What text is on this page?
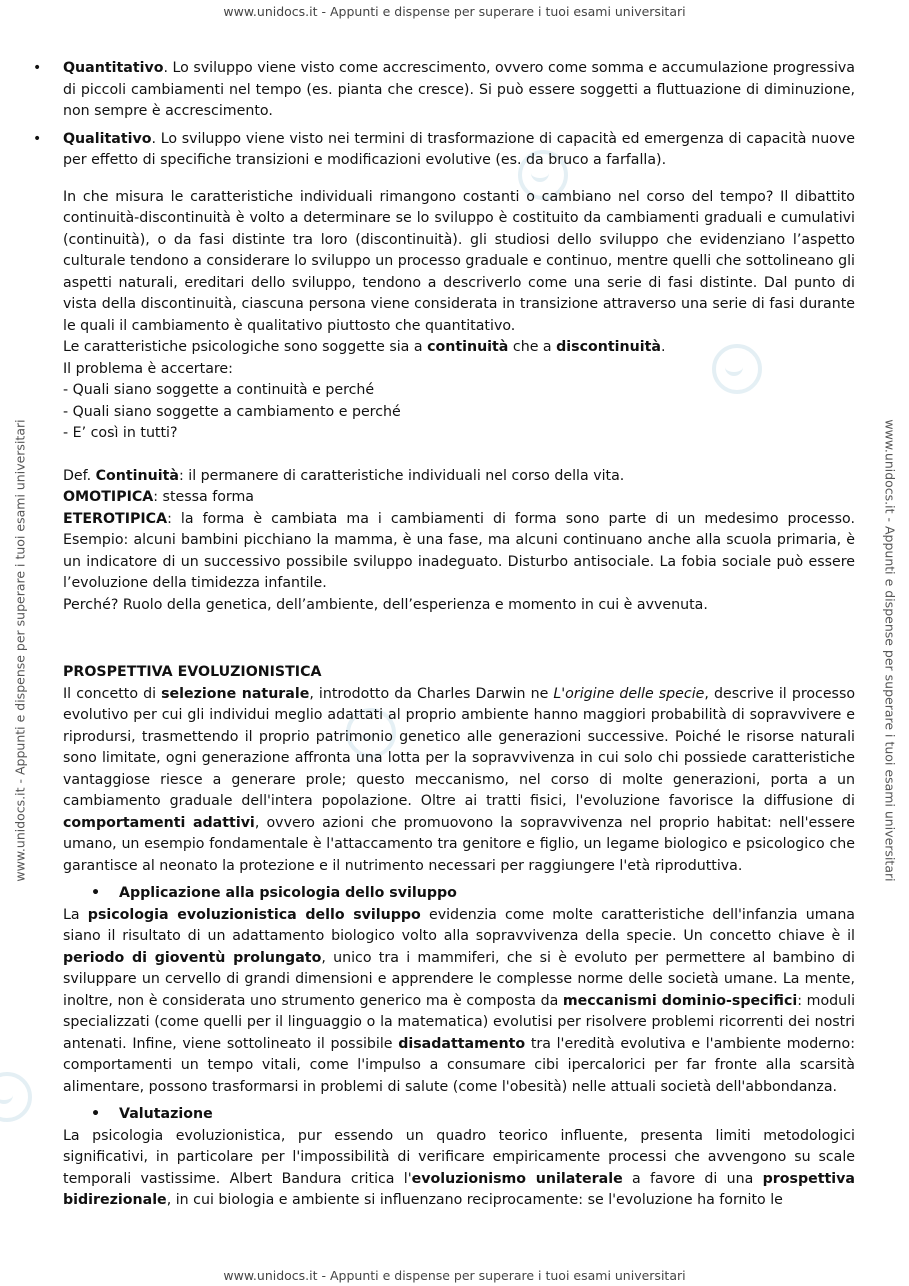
www.unidocs.it - Appunti e dispense per superare i tuoi esami universitari
www.unidocs.it - Appunti e dispense per superare i tuoi esami universitari
www.unidocs.it - Appunti e dispense per superare i tuoi esami universitari	www.unidocs.it - Appunti e dispense per superare i tuoi esami universitari

• Quantitativo. Lo sviluppo viene visto come accrescimento, ovvero come somma e accumulazione progressiva di piccoli cambiamenti nel tempo (es. pianta che cresce). Si può essere soggetti a fluttuazione di diminuzione, non sempre è accrescimento.

• Qualitativo. Lo sviluppo viene visto nei termini di trasformazione di capacità ed emergenza di capacità nuove per effetto di specifiche transizioni e modificazioni evolutive (es. da bruco a farfalla).

In che misura le caratteristiche individuali rimangono costanti o cambiano nel corso del tempo? Il dibattito continuità-discontinuità è volto a determinare se lo sviluppo è costituito da cambiamenti graduali e cumulativi (continuità), o da fasi distinte tra loro (discontinuità). gli studiosi dello sviluppo che evidenziano l’aspetto culturale tendono a considerare lo sviluppo un processo graduale e continuo, mentre quelli che sottolineano gli aspetti naturali, ereditari dello sviluppo, tendono a descriverlo come una serie di fasi distinte. Dal punto di vista della discontinuità, ciascuna persona viene considerata in transizione attraverso una serie di fasi durante le quali il cambiamento è qualitativo piuttosto che quantitativo.

Le caratteristiche psicologiche sono soggette sia a continuità che a discontinuità.

Il problema è accertare:

- Quali siano soggette a continuità e perché

- Quali siano soggette a cambiamento e perché

- E’ così in tutti?

Def. Continuità: il permanere di caratteristiche individuali nel corso della vita.

OMOTIPICA: stessa forma

ETEROTIPICA: la forma è cambiata ma i cambiamenti di forma sono parte di un medesimo processo. Esempio: alcuni bambini picchiano la mamma, è una fase, ma alcuni continuano anche alla scuola primaria, è un indicatore di un successivo possibile sviluppo inadeguato. Disturbo antisociale. La fobia sociale può essere l’evoluzione della timidezza infantile.

Perché? Ruolo della genetica, dell’ambiente, dell’esperienza e momento in cui è avvenuta.

PROSPETTIVA EVOLUZIONISTICA

Il concetto di selezione naturale, introdotto da Charles Darwin ne L'origine delle specie, descrive il processo evolutivo per cui gli individui meglio adattati al proprio ambiente hanno maggiori probabilità di sopravvivere e riprodursi, trasmettendo il proprio patrimonio genetico alle generazioni successive. Poiché le risorse naturali sono limitate, ogni generazione affronta una lotta per la sopravvivenza in cui solo chi possiede caratteristiche vantaggiose riesce a generare prole; questo meccanismo, nel corso di molte generazioni, porta a un cambiamento graduale dell'intera popolazione. Oltre ai tratti fisici, l'evoluzione favorisce la diffusione di comportamenti adattivi, ovvero azioni che promuovono la sopravvivenza nel proprio habitat: nell'essere umano, un esempio fondamentale è l'attaccamento tra genitore e figlio, un legame biologico e psicologico che garantisce al neonato la protezione e il nutrimento necessari per raggiungere l'età riproduttiva.

• Applicazione alla psicologia dello sviluppo

La psicologia evoluzionistica dello sviluppo evidenzia come molte caratteristiche dell'infanzia umana siano il risultato di un adattamento biologico volto alla sopravvivenza della specie. Un concetto chiave è il periodo di gioventù prolungato, unico tra i mammiferi, che si è evoluto per permettere al bambino di sviluppare un cervello di grandi dimensioni e apprendere le complesse norme delle società umane. La mente, inoltre, non è considerata uno strumento generico ma è composta da meccanismi dominio-specifici: moduli specializzati (come quelli per il linguaggio o la matematica) evolutisi per risolvere problemi ricorrenti dei nostri antenati. Infine, viene sottolineato il possibile disadattamento tra l'eredità evolutiva e l'ambiente moderno: comportamenti un tempo vitali, come l'impulso a consumare cibi ipercalorici per far fronte alla scarsità alimentare, possono trasformarsi in problemi di salute (come l'obesità) nelle attuali società dell'abbondanza.

• Valutazione

La psicologia evoluzionistica, pur essendo un quadro teorico influente, presenta limiti metodologici significativi, in particolare per l'impossibilità di verificare empiricamente processi che avvengono su scale temporali vastissime. Albert Bandura critica l'evoluzionismo unilaterale a favore di una prospettiva bidirezionale, in cui biologia e ambiente si influenzano reciprocamente: se l'evoluzione ha fornito le
